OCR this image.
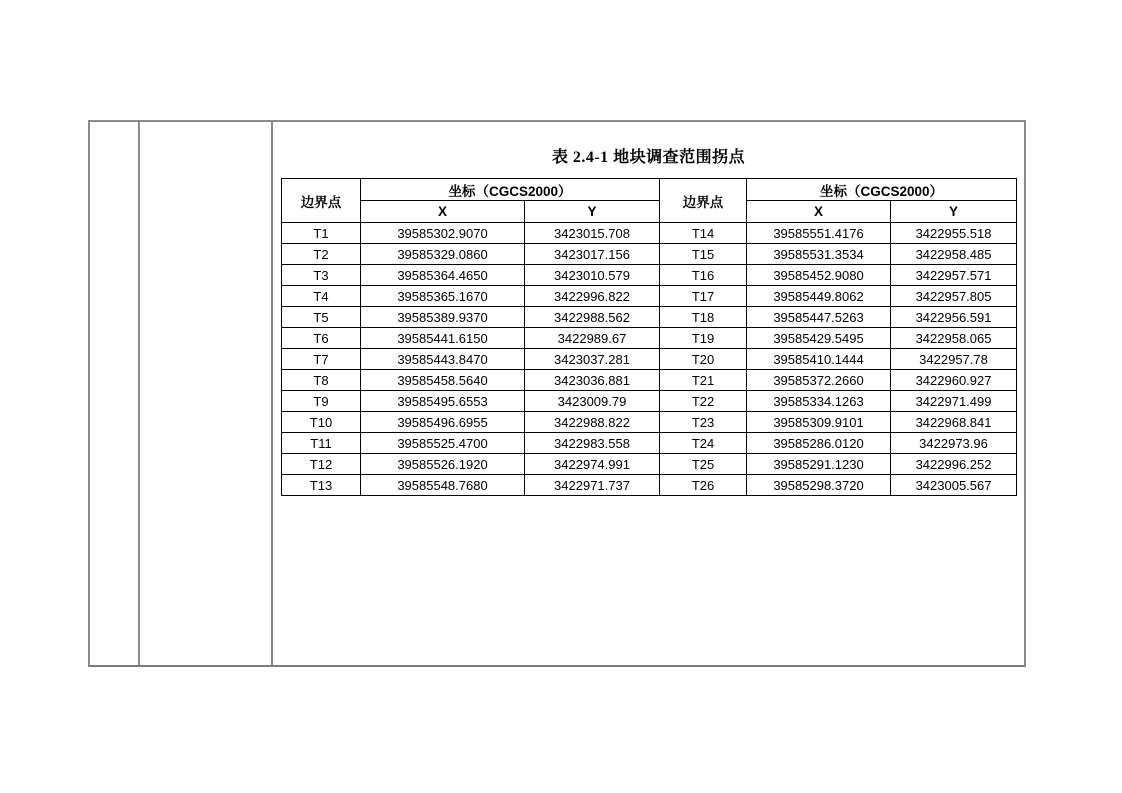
表 2.4-1 地块调查范围拐点
边界点	坐标（CGCS2000）		边界点	坐标（CGCS2000）	
	X	Y		X	Y
T1	39585302.9070	3423015.708	T14	39585551.4176	3422955.518
T2	39585329.0860	3423017.156	T15	39585531.3534	3422958.485
T3	39585364.4650	3423010.579	T16	39585452.9080	3422957.571
T4	39585365.1670	3422996.822	T17	39585449.8062	3422957.805
T5	39585389.9370	3422988.562	T18	39585447.5263	3422956.591
T6	39585441.6150	3422989.67	T19	39585429.5495	3422958.065
T7	39585443.8470	3423037.281	T20	39585410.1444	3422957.78
T8	39585458.5640	3423036.881	T21	39585372.2660	3422960.927
T9	39585495.6553	3423009.79	T22	39585334.1263	3422971.499
T10	39585496.6955	3422988.822	T23	39585309.9101	3422968.841
T11	39585525.4700	3422983.558	T24	39585286.0120	3422973.96
T12	39585526.1920	3422974.991	T25	39585291.1230	3422996.252
T13	39585548.7680	3422971.737	T26	39585298.3720	3423005.567
